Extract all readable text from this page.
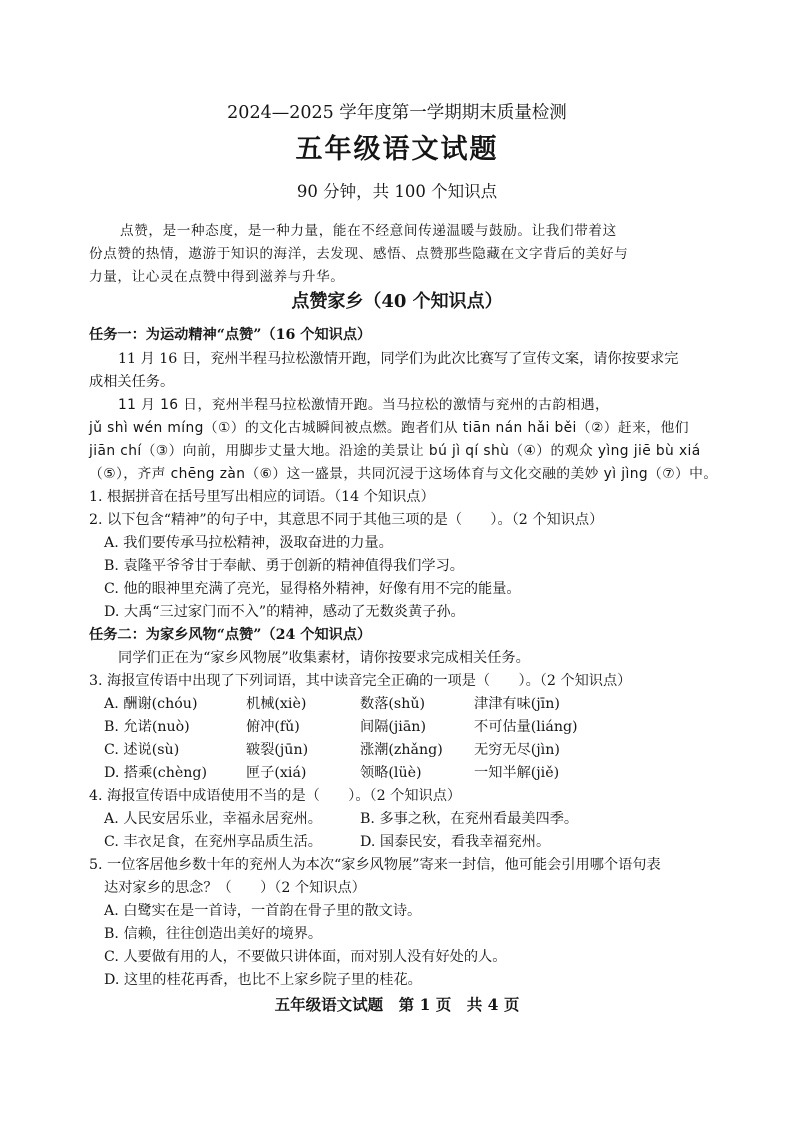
2024—2025 学年度第一学期期末质量检测
五年级语文试题
90 分钟，共 100 个知识点
点赞，是一种态度，是一种力量，能在不经意间传递温暖与鼓励。让我们带着这
份点赞的热情，遨游于知识的海洋，去发现、感悟、点赞那些隐藏在文字背后的美好与
力量，让心灵在点赞中得到滋养与升华。
点赞家乡（40 个知识点）
任务一：为运动精神“点赞”（16 个知识点）
11 月 16 日，兖州半程马拉松激情开跑，同学们为此次比赛写了宣传文案，请你按要求完
成相关任务。
11 月 16 日，兖州半程马拉松激情开跑。当马拉松的激情与兖州的古韵相遇，
jǔ shì wén míng（①）的文化古城瞬间被点燃。跑者们从 tiān nán hǎi běi（②）赶来，他们
jiān chí（③）向前，用脚步丈量大地。沿途的美景让 bú jì qí shù（④）的观众 yìng jiē bù xiá
（⑤），齐声 chēng zàn（⑥）这一盛景，共同沉浸于这场体育与文化交融的美妙 yì jìng（⑦）中。
1. 根据拼音在括号里写出相应的词语。（14 个知识点）
2. 以下包含“精神”的句子中，其意思不同于其他三项的是（　　）。（2 个知识点）
A. 我们要传承马拉松精神，汲取奋进的力量。
B. 袁隆平爷爷甘于奉献、勇于创新的精神值得我们学习。
C. 他的眼神里充满了亮光，显得格外精神，好像有用不完的能量。
D. 大禹“三过家门而不入”的精神，感动了无数炎黄子孙。
任务二：为家乡风物“点赞”（24 个知识点）
同学们正在为“家乡风物展”收集素材，请你按要求完成相关任务。
3. 海报宣传语中出现了下列词语，其中读音完全正确的一项是（　　）。（2 个知识点）
A. 酬谢(chóu)	机械(xiè)	数落(shǔ)	津津有味(jīn)
B. 允诺(nuò)	俯冲(fǔ)	间隔(jiān)	不可估量(liáng)
C. 述说(sù)	皲裂(jūn)	涨潮(zhǎng) 无穷无尽(jìn)
D. 搭乘(chèng)	匣子(xiá)	领略(lüè)	一知半解(jiě)
4. 海报宣传语中成语使用不当的是（　　）。（2 个知识点）
A. 人民安居乐业，幸福永居兖州。	B. 多事之秋，在兖州看最美四季。
C. 丰衣足食，在兖州享品质生活。	D. 国泰民安，看我幸福兖州。
5. 一位客居他乡数十年的兖州人为本次“家乡风物展”寄来一封信，他可能会引用哪个语句表
达对家乡的思念？（　　）（2 个知识点）
A. 白鹭实在是一首诗，一首韵在骨子里的散文诗。
B. 信赖，往往创造出美好的境界。
C. 人要做有用的人，不要做只讲体面，而对别人没有好处的人。
D. 这里的桂花再香，也比不上家乡院子里的桂花。
五年级语文试题　第 1 页　共 4 页
